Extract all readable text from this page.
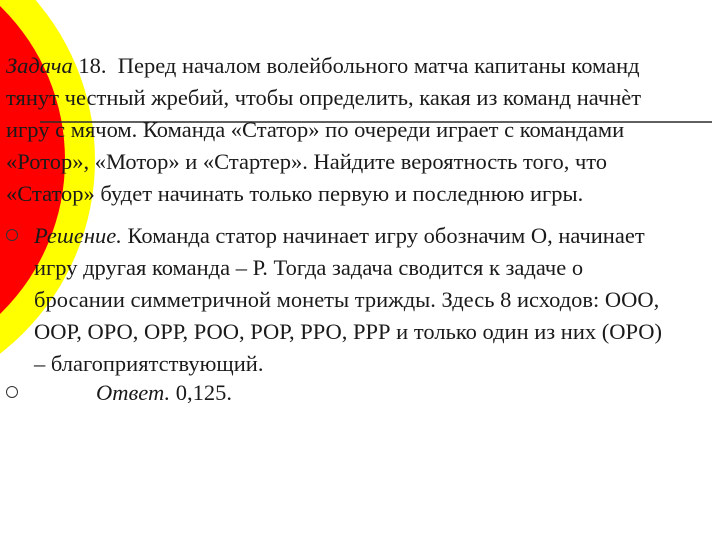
Задача 18. Перед началом волейбольного матча капитаны команд
тянут честный жребий, чтобы определить, какая из команд начнѐт
игру с мячом. Команда «Статор» по очереди играет с командами
«Ротор», «Мотор» и «Стартер». Найдите вероятность того, что
«Статор» будет начинать только первую и последнюю игры.
Решение. Команда статор начинает игру обозначим О, начинает
игру другая команда – Р. Тогда задача сводится к задаче о
бросании симметричной монеты трижды. Здесь 8 исходов: ООО,
ООР, ОРО, ОРР, РОО, РОР, РРО, РРР и только один из них (ОРО)
– благоприятствующий.
Ответ. 0,125.
